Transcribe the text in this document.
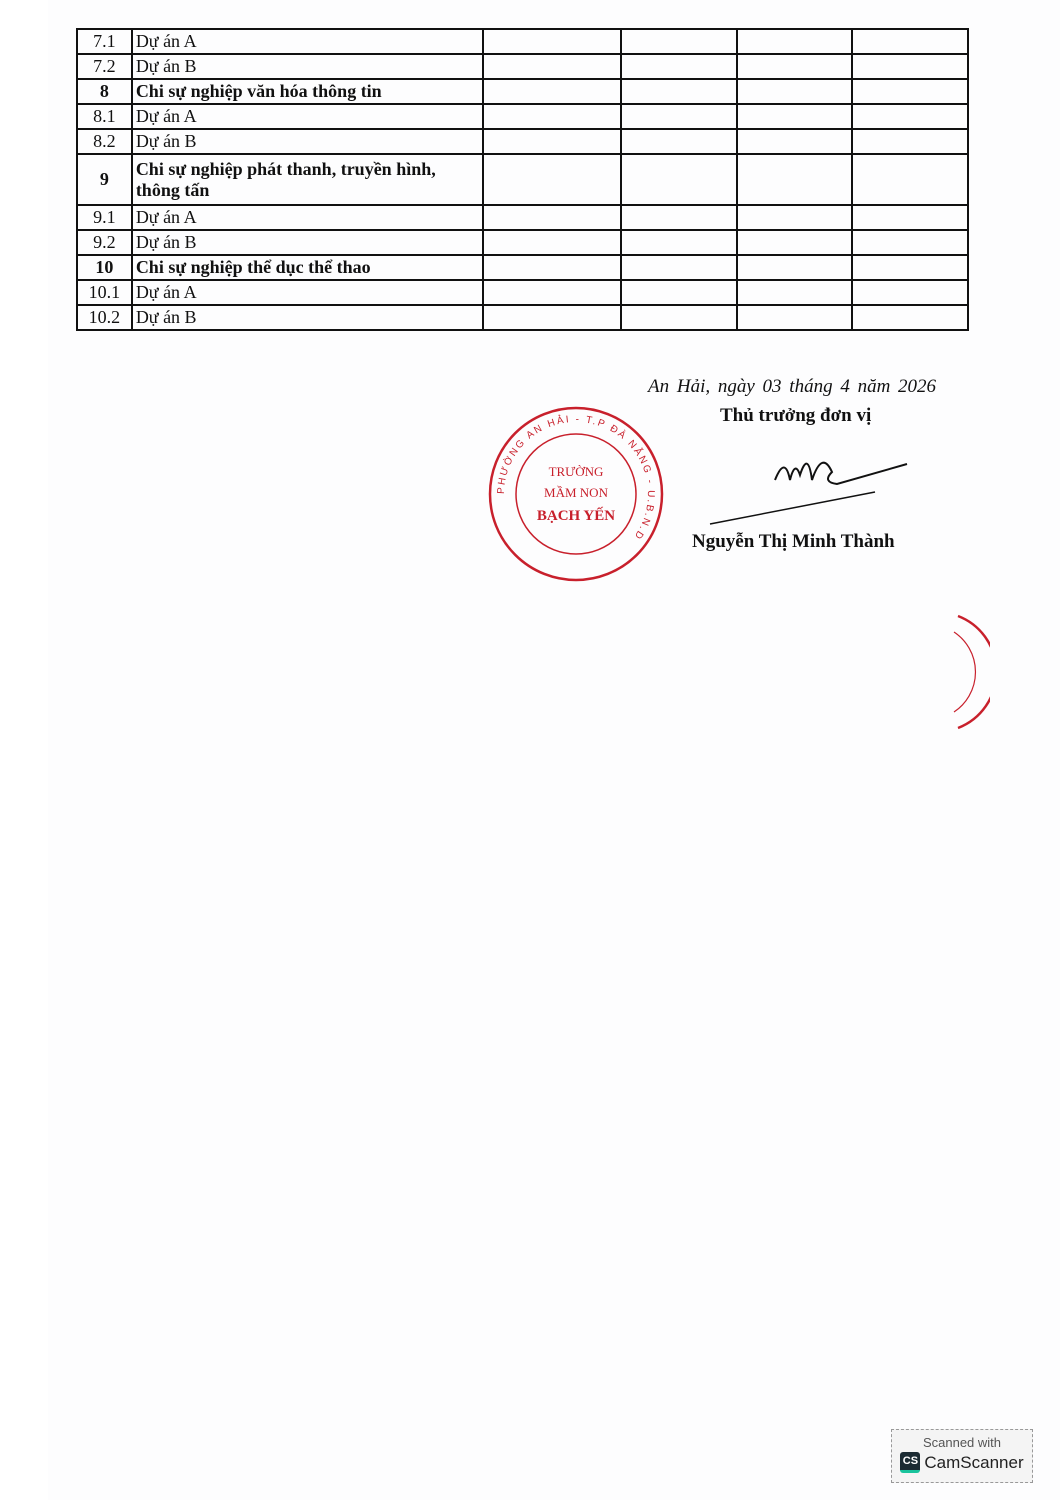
7.1	Dự án A				
7.2	Dự án B				
8	Chi sự nghiệp văn hóa thông tin				
8.1	Dự án A				
8.2	Dự án B				
9	Chi sự nghiệp phát thanh, truyền hình, thông tấn				
9.1	Dự án A				
9.2	Dự án B				
10	Chi sự nghiệp thể dục thể thao				
10.1	Dự án A				
10.2	Dự án B				
An Hải, ngày 03 tháng 4 năm 2026
PHƯỜNG AN HẢI - T.P ĐÀ NẴNG - U.B.N.D
TRƯỜNG
MẦM NON
BẠCH YẾN
Thủ trưởng đơn vị
Nguyễn Thị Minh Thành
Scanned with
CS CamScanner
